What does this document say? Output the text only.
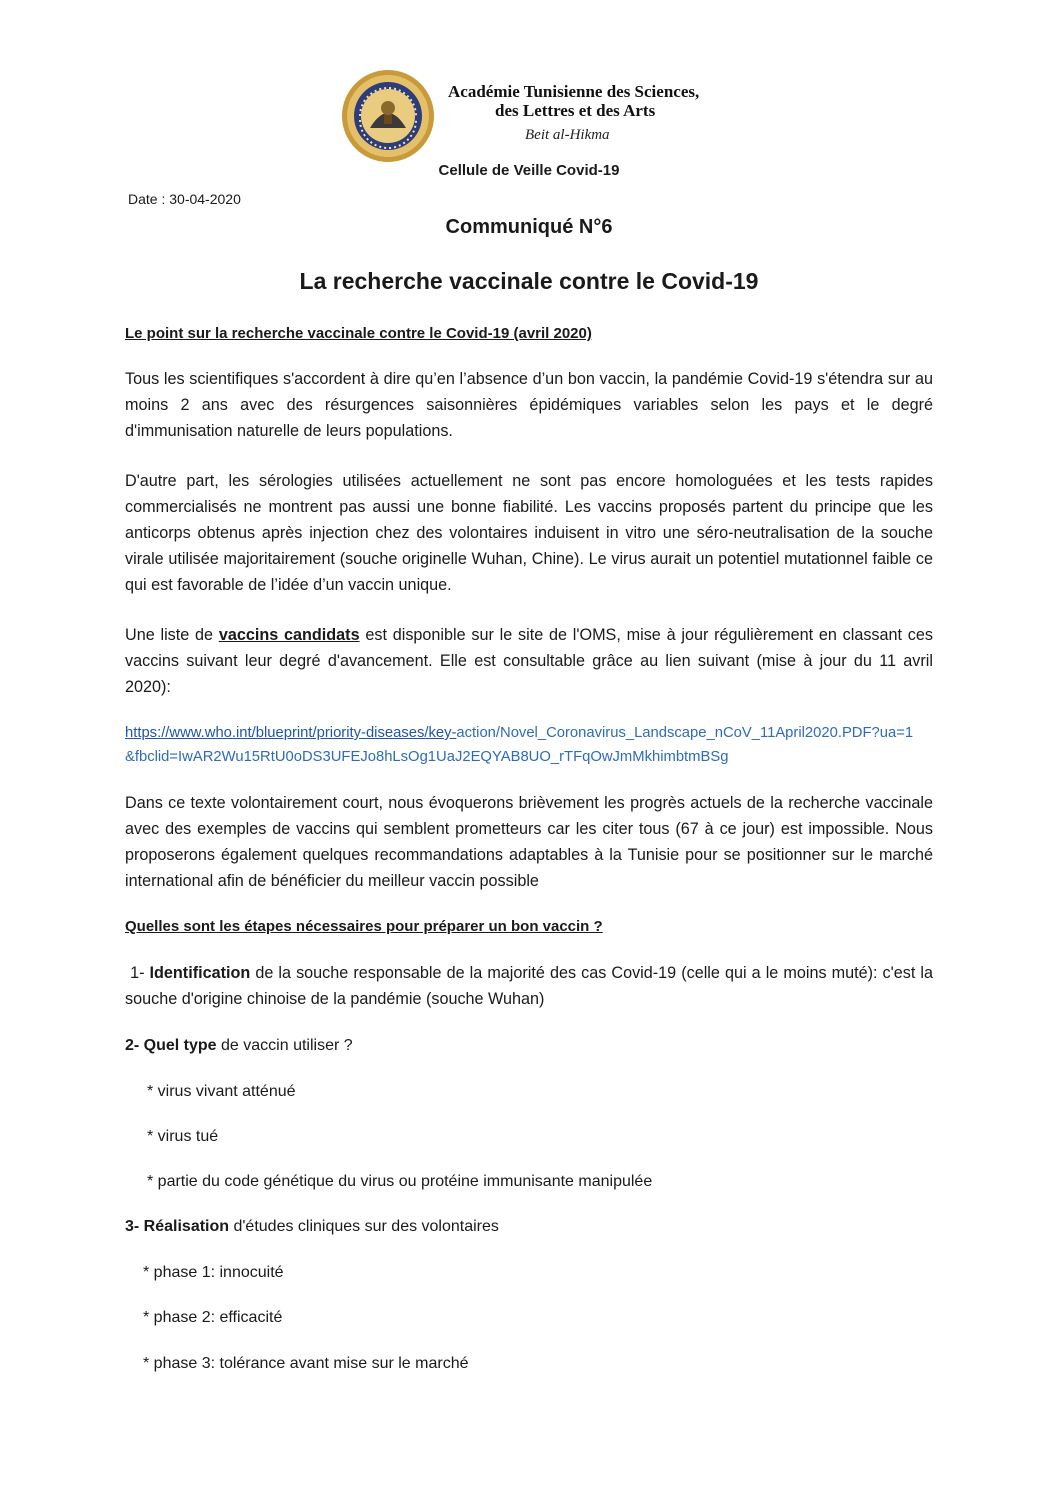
Académie Tunisienne des Sciences,
des Lettres et des Arts
Beit al-Hikma
Cellule de Veille Covid-19
Date : 30-04-2020
Communiqué N°6
La recherche vaccinale contre le Covid-19
Le point sur la recherche vaccinale contre le Covid-19 (avril 2020)

Tous les scientifiques s'accordent à dire qu’en l’absence d’un bon vaccin, la pandémie Covid-19 s'étendra sur au moins 2 ans avec des résurgences saisonnières épidémiques variables selon les pays et le degré d'immunisation naturelle de leurs populations.

D'autre part, les sérologies utilisées actuellement ne sont pas encore homologuées et les tests rapides commercialisés ne montrent pas aussi une bonne fiabilité. Les vaccins proposés partent du principe que les anticorps obtenus après injection chez des volontaires induisent in vitro une séro-neutralisation de la souche virale utilisée majoritairement (souche originelle Wuhan, Chine). Le virus aurait un potentiel mutationnel faible ce qui est favorable de l’idée d’un vaccin unique.

Une liste de vaccins candidats est disponible sur le site de l'OMS, mise à jour régulièrement en classant ces vaccins suivant leur degré d'avancement. Elle est consultable grâce au lien suivant (mise à jour du 11 avril 2020):

https://www.who.int/blueprint/priority-diseases/key-action/Novel_Coronavirus_Landscape_nCoV_11April2020.PDF?ua=1&fbclid=IwAR2Wu15RtU0oDS3UFEJo8hLsOg1UaJ2EQYAB8UO_rTFqOwJmMkhimbtmBSg

Dans ce texte volontairement court, nous évoquerons brièvement les progrès actuels de la recherche vaccinale avec des exemples de vaccins qui semblent prometteurs car les citer tous (67 à ce jour) est impossible. Nous proposerons également quelques recommandations adaptables à la Tunisie pour se positionner sur le marché international afin de bénéficier du meilleur vaccin possible

Quelles sont les étapes nécessaires pour préparer un bon vaccin ?

1- Identification de la souche responsable de la majorité des cas Covid-19 (celle qui a le moins muté): c'est la souche d'origine chinoise de la pandémie (souche Wuhan)

2- Quel type de vaccin utiliser ?
* virus vivant atténué
* virus tué
* partie du code génétique du virus ou protéine immunisante manipulée
3- Réalisation d'études cliniques sur des volontaires
* phase 1: innocuité
* phase 2: efficacité
* phase 3: tolérance avant mise sur le marché
